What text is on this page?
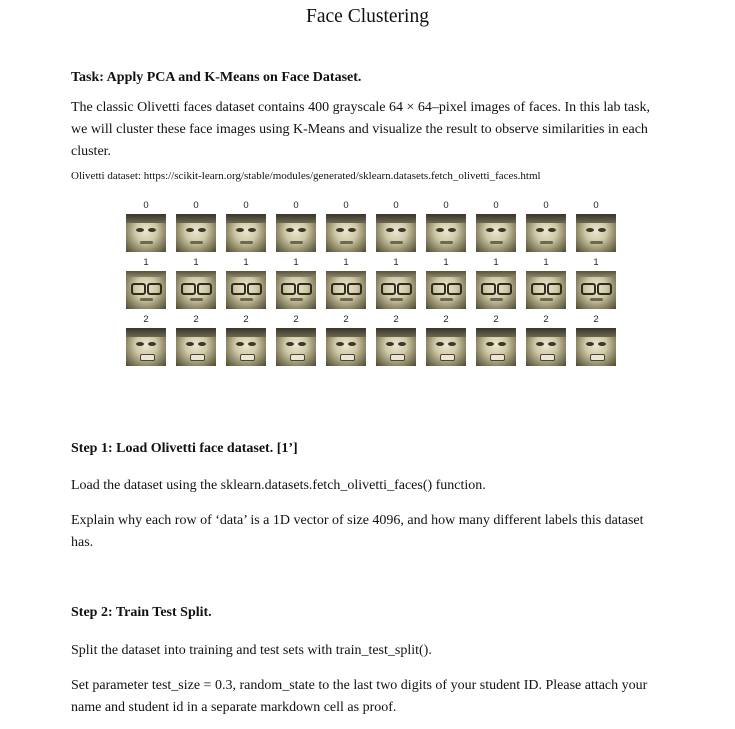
Face Clustering
Task: Apply PCA and K-Means on Face Dataset.
The classic Olivetti faces dataset contains 400 grayscale 64 × 64–pixel images of faces. In this lab task, we will cluster these face images using K-Means and visualize the result to observe similarities in each cluster.
Olivetti dataset: https://scikit-learn.org/stable/modules/generated/sklearn.datasets.fetch_olivetti_faces.html
0	0	0	0	0	0	0	0	0	0
1	1	1	1	1	1	1	1	1	1
2	2	2	2	2	2	2	2	2	2
Step 1: Load Olivetti face dataset. [1’]
Load the dataset using the sklearn.datasets.fetch_olivetti_faces() function.
Explain why each row of ‘data’ is a 1D vector of size 4096, and how many different labels this dataset has.
Step 2: Train Test Split.
Split the dataset into training and test sets with train_test_split().
Set parameter test_size = 0.3, random_state to the last two digits of your student ID. Please attach your name and student id in a separate markdown cell as proof.
